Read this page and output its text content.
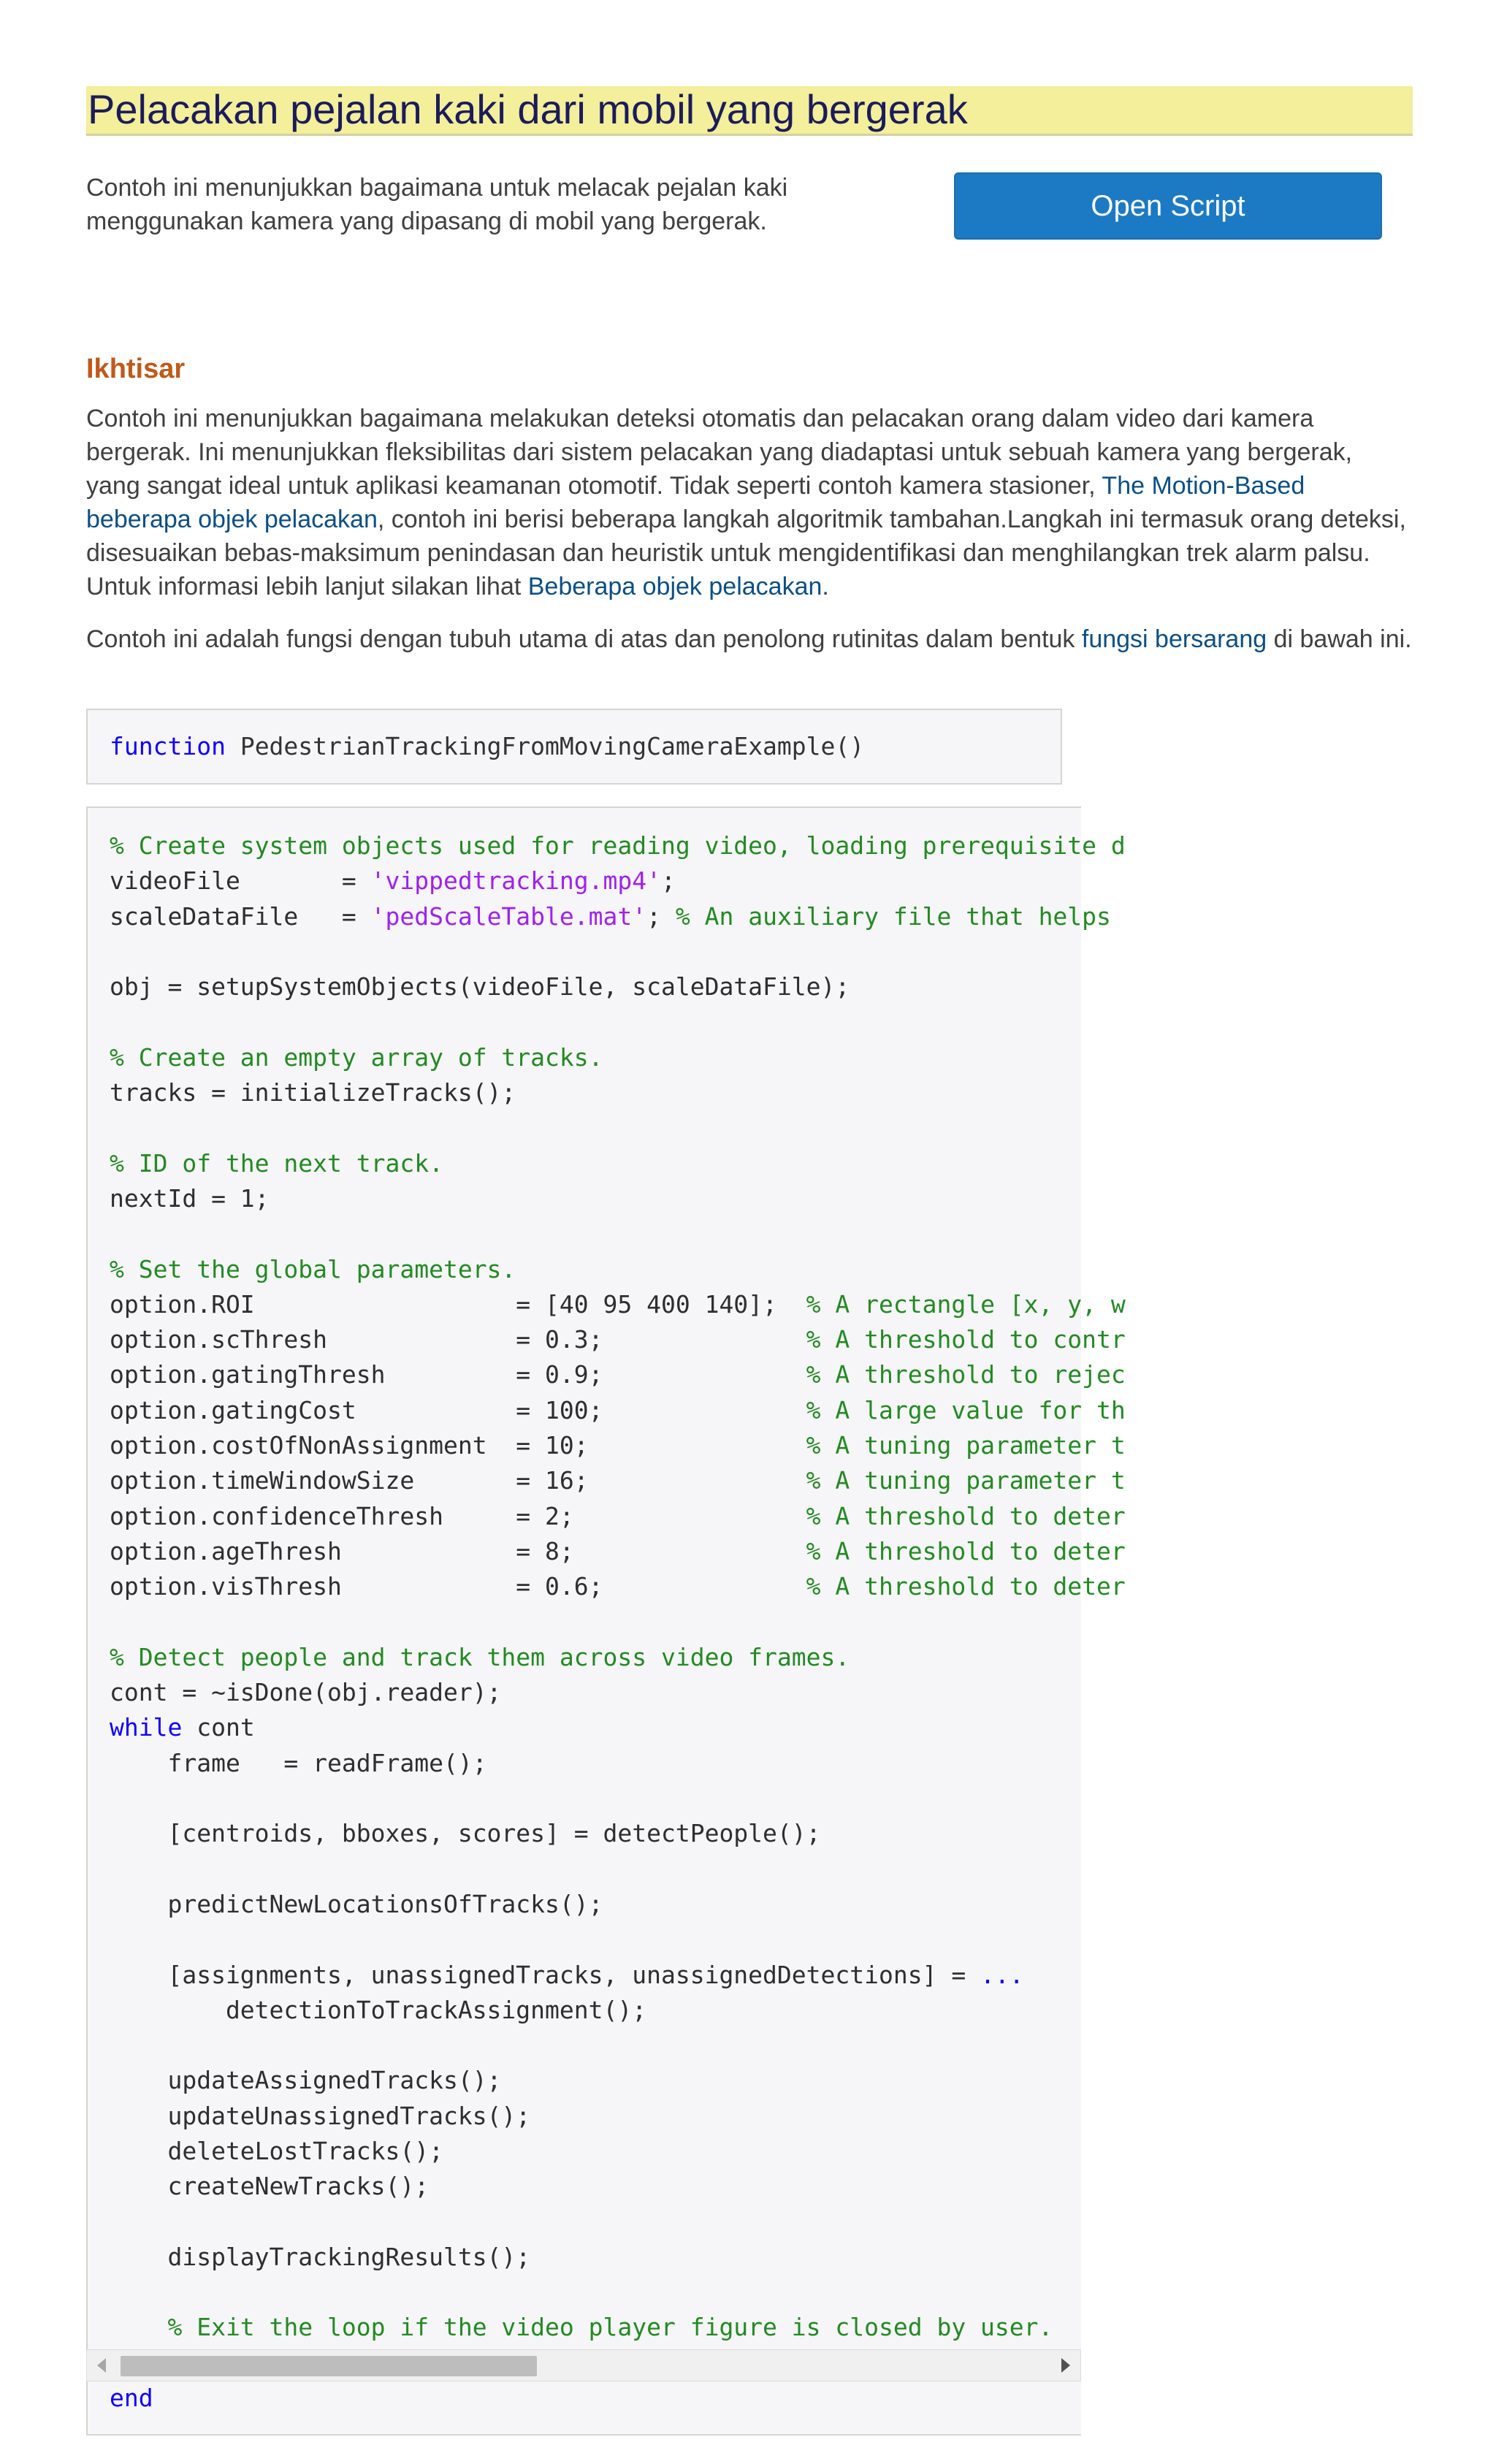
Pelacakan pejalan kaki dari mobil yang bergerak
Contoh ini menunjukkan bagaimana untuk melacak pejalan kaki
menggunakan kamera yang dipasang di mobil yang bergerak.	Open Script
Ikhtisar

Contoh ini menunjukkan bagaimana melakukan deteksi otomatis dan pelacakan orang dalam video dari kamera bergerak. Ini menunjukkan fleksibilitas dari sistem pelacakan yang diadaptasi untuk sebuah kamera yang bergerak, yang sangat ideal untuk aplikasi keamanan otomotif. Tidak seperti contoh kamera stasioner, The Motion-Based beberapa objek pelacakan, contoh ini berisi beberapa langkah algoritmik tambahan.Langkah ini termasuk orang deteksi, disesuaikan bebas-maksimum penindasan dan heuristik untuk mengidentifikasi dan menghilangkan trek alarm palsu. Untuk informasi lebih lanjut silakan lihat Beberapa objek pelacakan.

Contoh ini adalah fungsi dengan tubuh utama di atas dan penolong rutinitas dalam bentuk fungsi bersarang di bawah ini.

function PedestrianTrackingFromMovingCameraExample()
% Create system objects used for reading video, loading prerequisite d
videoFile       = 'vippedtracking.mp4';
scaleDataFile   = 'pedScaleTable.mat'; % An auxiliary file that helps

obj = setupSystemObjects(videoFile, scaleDataFile);

% Create an empty array of tracks.
tracks = initializeTracks();

% ID of the next track.
nextId = 1;

% Set the global parameters.
option.ROI                  = [40 95 400 140];  % A rectangle [x, y, w
option.scThresh             = 0.3;              % A threshold to contr
option.gatingThresh         = 0.9;              % A threshold to rejec
option.gatingCost           = 100;              % A large value for th
option.costOfNonAssignment  = 10;               % A tuning parameter t
option.timeWindowSize       = 16;               % A tuning parameter t
option.confidenceThresh     = 2;                % A threshold to deter
option.ageThresh            = 8;                % A threshold to deter
option.visThresh            = 0.6;              % A threshold to deter

% Detect people and track them across video frames.
cont = ~isDone(obj.reader);
while cont
frame   = readFrame();

[centroids, bboxes, scores] = detectPeople();

predictNewLocationsOfTracks();

[assignments, unassignedTracks, unassignedDetections] = ...
detectionToTrackAssignment();

updateAssignedTracks();
updateUnassignedTracks();
deleteLostTracks();
createNewTracks();

displayTrackingResults();

% Exit the loop if the video player figure is closed by user.
end
